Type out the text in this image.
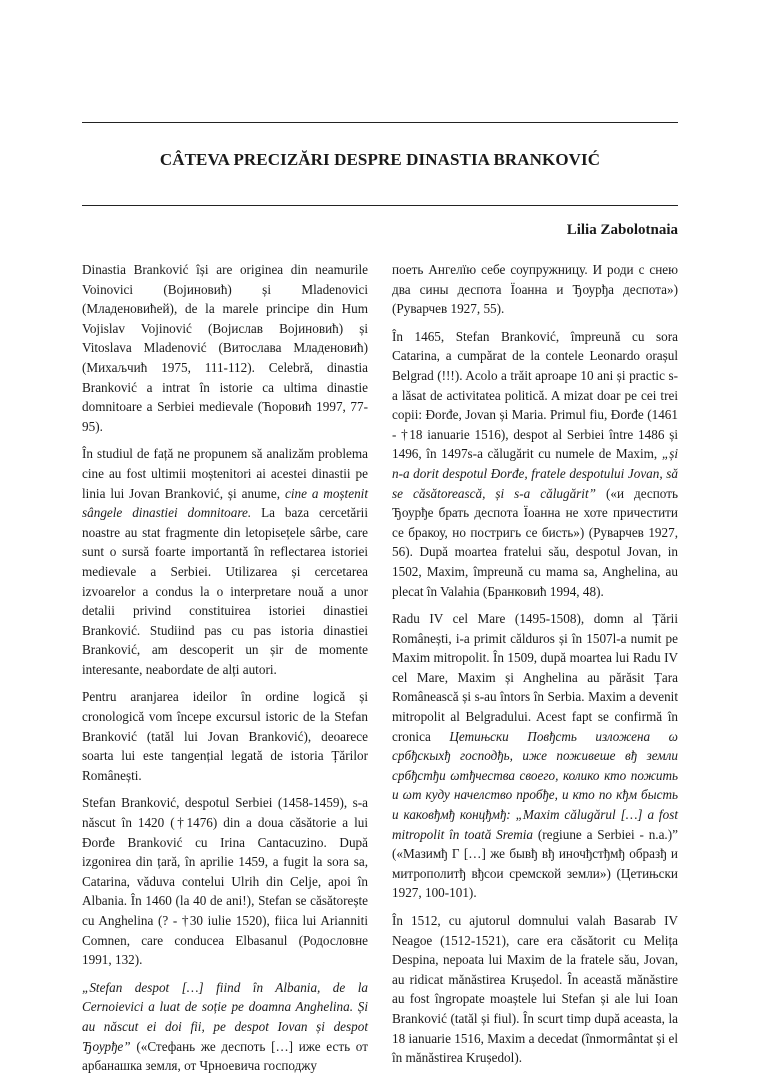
CÂTEVA PRECIZĂRI DESPRE DINASTIA BRANKOVIĆ
Lilia Zabolotnaia

Dinastia Branković își are originea din neamurile Voinovici (Војиновић) și Mladenovici (Младеновићей), de la marele principe din Hum Vojislav Vojinović (Војислав Војиновић) și Vitoslava Mladenović (Витослава Младеновић) (Михаљчић 1975, 111-112). Celebră, dinastia Branković a intrat în istorie ca ultima dinastie domnitoare a Serbiei medievale (Ћоровић 1997, 77-95).

În studiul de față ne propunem să analizăm problema cine au fost ultimii moștenitori ai acestei dinastii pe linia lui Jovan Branković, și anume, cine a moștenit sângele dinastiei domnitoare. La baza cercetării noastre au stat fragmente din letopisețele sârbe, care sunt o sursă foarte importantă în reflectarea istoriei medievale a Serbiei. Utilizarea și cercetarea izvoarelor a condus la o interpretare nouă a unor detalii privind constituirea istoriei dinastiei Branković. Studiind pas cu pas istoria dinastiei Branković, am descoperit un șir de momente interesante, neabordate de alți autori.

Pentru aranjarea ideilor în ordine logică și cronologică vom începe excursul istoric de la Stefan Branković (tatăl lui Jovan Branković), deoarece soarta lui este tangențial legată de istoria Țărilor Românești.

Stefan Branković, despotul Serbiei (1458-1459), s-a născut în 1420 (†1476) din a doua căsătorie a lui Đorđe Branković cu Irina Cantacuzino. După izgonirea din țară, în aprilie 1459, a fugit la sora sa, Catarina, văduva contelui Ulrih din Celje, apoi în Albania. În 1460 (la 40 de ani!), Stefan se căsătorește cu Anghelina (? - †30 iulie 1520), fiica lui Arianniti Comnen, care conducea Elbasanul (Родословне 1991, 132).

„Stefan despot […] fiind în Albania, de la Cernoievici a luat de soție pe doamna Anghelina. Și au născut ei doi fii, pe despot Iovan și despot Ђоурђе” («Стефань же деспоть […] иже есть от арбанашка земля, от Чрноевича господжу

поеть Ангелїю себе соупружницу. И роди с снею два сины деспота Їоанна и Ђоурђа деспота») (Руварчев 1927, 55).

În 1465, Stefan Branković, împreună cu sora Catarina, a cumpărat de la contele Leonardo orașul Belgrad (!!!). Acolo a trăit aproape 10 ani și practic s-a lăsat de activitatea politică. A mizat doar pe cei trei copii: Đorđe, Jovan și Maria. Primul fiu, Đorđe (1461 - †18 ianuarie 1516), despot al Serbiei între 1486 și 1496, în 1497s-a călugărit cu numele de Maxim, „și n-a dorit despotul Đorđe, fratele despotului Jovan, să se căsătorească, și s-a călugărit” («и деспоть Ђоурђе брать деспота Їоанна не хоте причестити се бракоу, но постригь се бисть») (Руварчев 1927, 56). După moartea fratelui său, despotul Jovan, in 1502, Maxim, împreună cu mama sa, Anghelina, au plecat în Valahia (Бранковић 1994, 48).

Radu IV cel Mare (1495-1508), domn al Țării Românești, i-a primit călduros și în 1507l-a numit pe Maxim mitropolit. În 1509, după moartea lui Radu IV cel Mare, Maxim și Anghelina au părăsit Țara Românească și s-au întors în Serbia. Maxim a devenit mitropolit al Belgradului. Acest fapt se confirmă în cronica Цетињски Повђсть изложена ω србђскыхђ господђь, иже поживеше вђ земли србђстђи ωтђчества своего, колико кто пожить и ωт куду начелство пробђе, и кто по кђм бысть и каковђмђ концђмђ: „Maxim călugărul […] a fost mitropolit în toată Sremia (regiune a Serbiei - n.a.)” («Мазимђ Г […] же бывђ вђ иночђстђмђ образђ и митрополитђ вђсои сремской земли») (Цетињски 1927, 100-101).

În 1512, cu ajutorul domnului valah Basarab IV Neagoe (1512-1521), care era căsătorit cu Melița Despina, nepoata lui Maxim de la fratele său, Jovan, au ridicat mănăstirea Kruședol. În această mănăstire au fost îngropate moaștele lui Stefan și ale lui Ioan Branković (tatăl și fiul). În scurt timp după aceasta, la 18 ianuarie 1516, Maxim a decedat (înmormântat și el în mănăstirea Kruședol).
